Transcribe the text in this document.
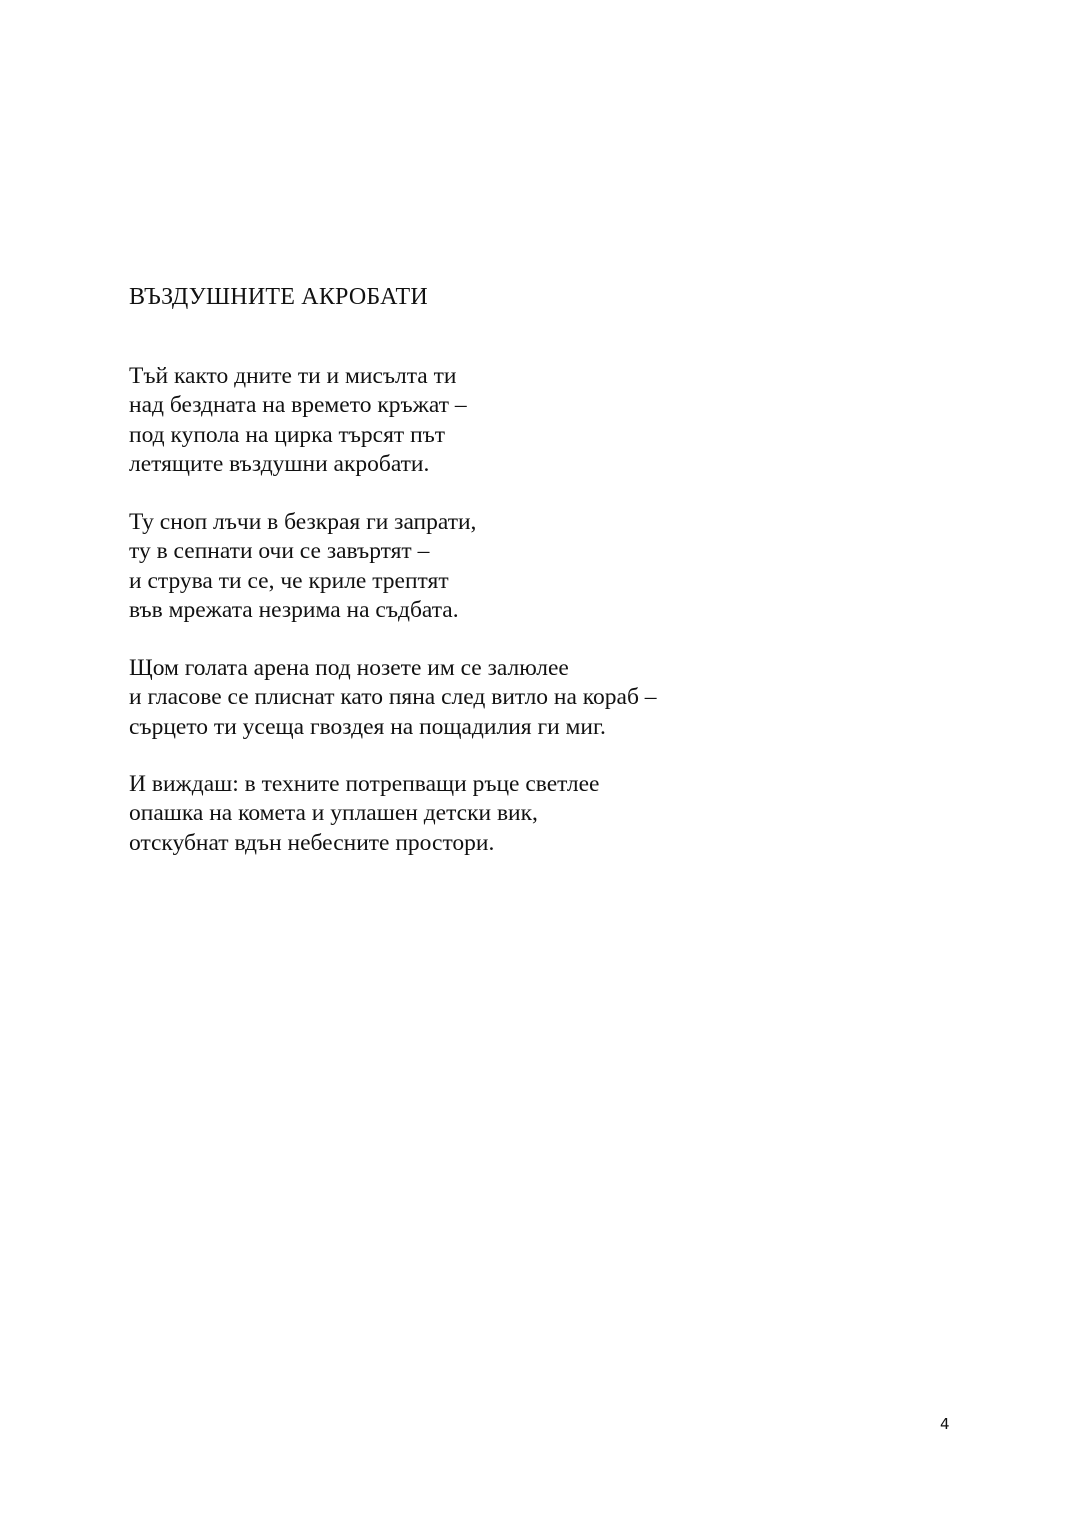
ВЪЗДУШНИТЕ АКРОБАТИ

Тъй както дните ти и мисълта ти
над бездната на времето кръжат –
под купола на цирка търсят път
летящите въздушни акробати.

Ту сноп лъчи в безкрая ги запрати,
ту в сепнати очи се завъртят –
и струва ти се, че криле трептят
във мрежата незрима на съдбата.

Щом голата арена под нозете им се залюлее
и гласове се плиснат като пяна след витло на кораб –
сърцето ти усеща гвоздея на пощадилия ги миг.

И виждаш: в техните потрепващи ръце светлее
опашка на комета и уплашен детски вик,
отскубнат вдън небесните простори.

4
